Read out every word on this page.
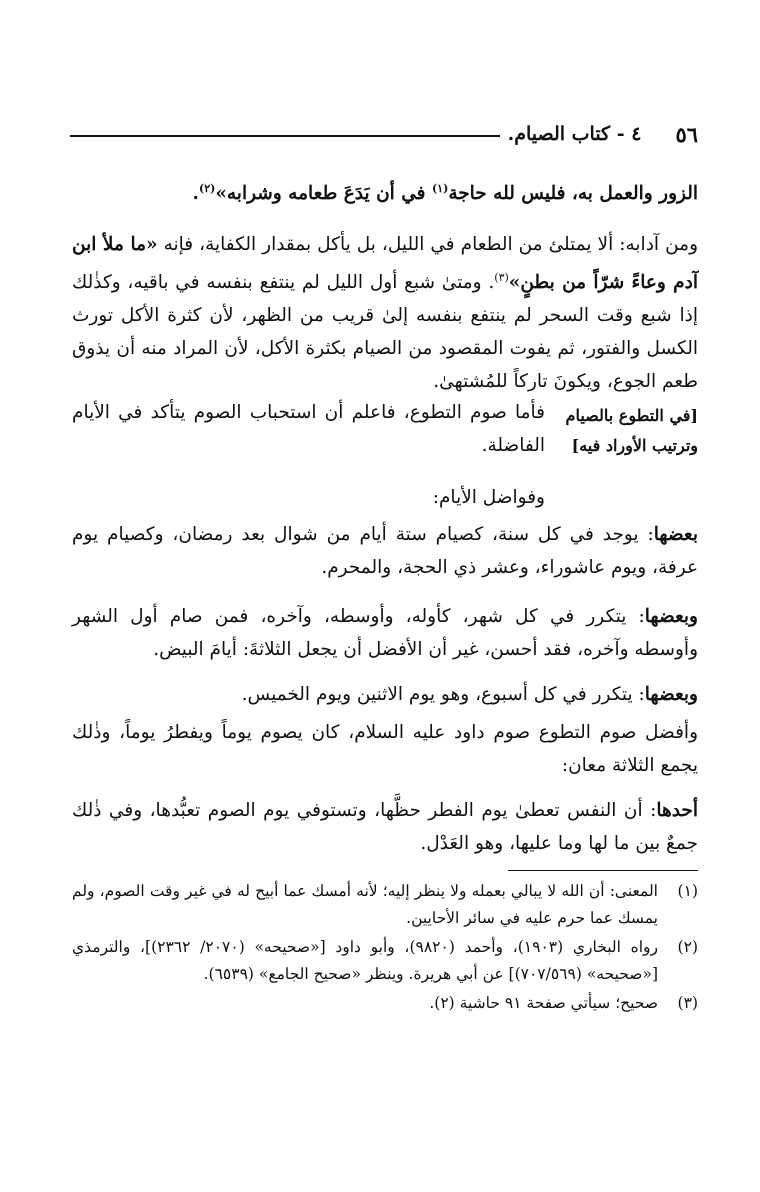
٥٦
٤ - كتاب الصيام.

الزور والعمل به، فليس لله حاجة$^{(١)}$ في أن يَدَعَ طعامه وشرابه»$^{(٢)}$.

ومن آدابه: ألا يمتلئ من الطعام في الليل، بل يأكل بمقدار الكفاية، فإنه «ما ملأ ابن آدم وعاءً شرّاً من بطنٍ»$^{(٣)}$. ومتىٰ شبع أول الليل لم ينتفع بنفسه في باقيه، وكذٰلك إذا شبع وقت السحر لم ينتفع بنفسه إلىٰ قريب من الظهر، لأن كثرة الأكل تورث الكسل والفتور، ثم يفوت المقصود من الصيام بكثرة الأكل، لأن المراد منه أن يذوق طعم الجوع، ويكونَ تاركاً للمُشتهىٰ.

[في التطوع بالصيام وترتيب الأوراد فيه]

فأما صوم التطوع، فاعلم أن استحباب الصوم يتأكد في الأيام الفاضلة.

وفواضل الأيام:

بعضها: يوجد في كل سنة، كصيام ستة أيام من شوال بعد رمضان، وكصيام يوم عرفة، ويوم عاشوراء، وعشر ذي الحجة، والمحرم.

وبعضها: يتكرر في كل شهر، كأوله، وأوسطه، وآخره، فمن صام أول الشهر وأوسطه وآخره، فقد أحسن، غير أن الأفضل أن يجعل الثلاثةَ: أيامَ البيض.

وبعضها: يتكرر في كل أسبوع، وهو يوم الاثنين ويوم الخميس.

وأفضل صوم التطوع صوم داود عليه السلام، كان يصوم يوماً ويفطرُ يوماً، وذٰلك يجمع الثلاثة معان:

أحدها: أن النفس تعطىٰ يوم الفطر حظَّها، وتستوفي يوم الصوم تعبُّدها، وفي ذٰلك جمعٌ بين ما لها وما عليها، وهو العَدْل.

(١)
المعنى: أن الله لا يبالي بعمله ولا ينظر إليه؛ لأنه أمسك عما أبيح له في غير وقت الصوم، ولم يمسك عما حرم عليه في سائر الأحايين.
(٢)
رواه البخاري (١٩٠٣)، وأحمد (٩٨٢٠)، وأبو داود [«صحيحه» (٢٠٧٠/ ٢٣٦٢)]، والترمذي [«صحيحه» (٧٠٧/٥٦٩)] عن أبي هريرة. وينظر «صحيح الجامع» (٦٥٣٩).
(٣)
صحيح؛ سيأتي صفحة ٩١ حاشية (٢).
